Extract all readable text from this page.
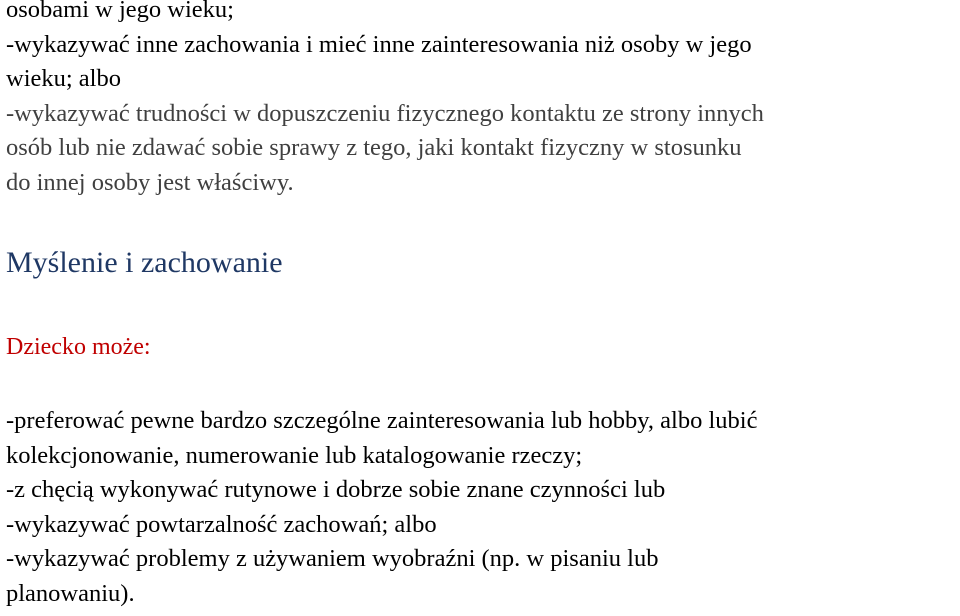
osobami w jego wieku;
-wykazywać inne zachowania i mieć inne zainteresowania niż osoby w jego
wieku; albo
-wykazywać trudności w dopuszczeniu fizycznego kontaktu ze strony innych
osób lub nie zdawać sobie sprawy z tego, jaki kontakt fizyczny w stosunku
do innej osoby jest właściwy.
Myślenie i zachowanie
Dziecko może:
-preferować pewne bardzo szczególne zainteresowania lub hobby, albo lubić
kolekcjonowanie, numerowanie lub katalogowanie rzeczy;
-z chęcią wykonywać rutynowe i dobrze sobie znane czynności lub
-wykazywać powtarzalność zachowań; albo
-wykazywać problemy z używaniem wyobraźni (np. w pisaniu lub
planowaniu).
